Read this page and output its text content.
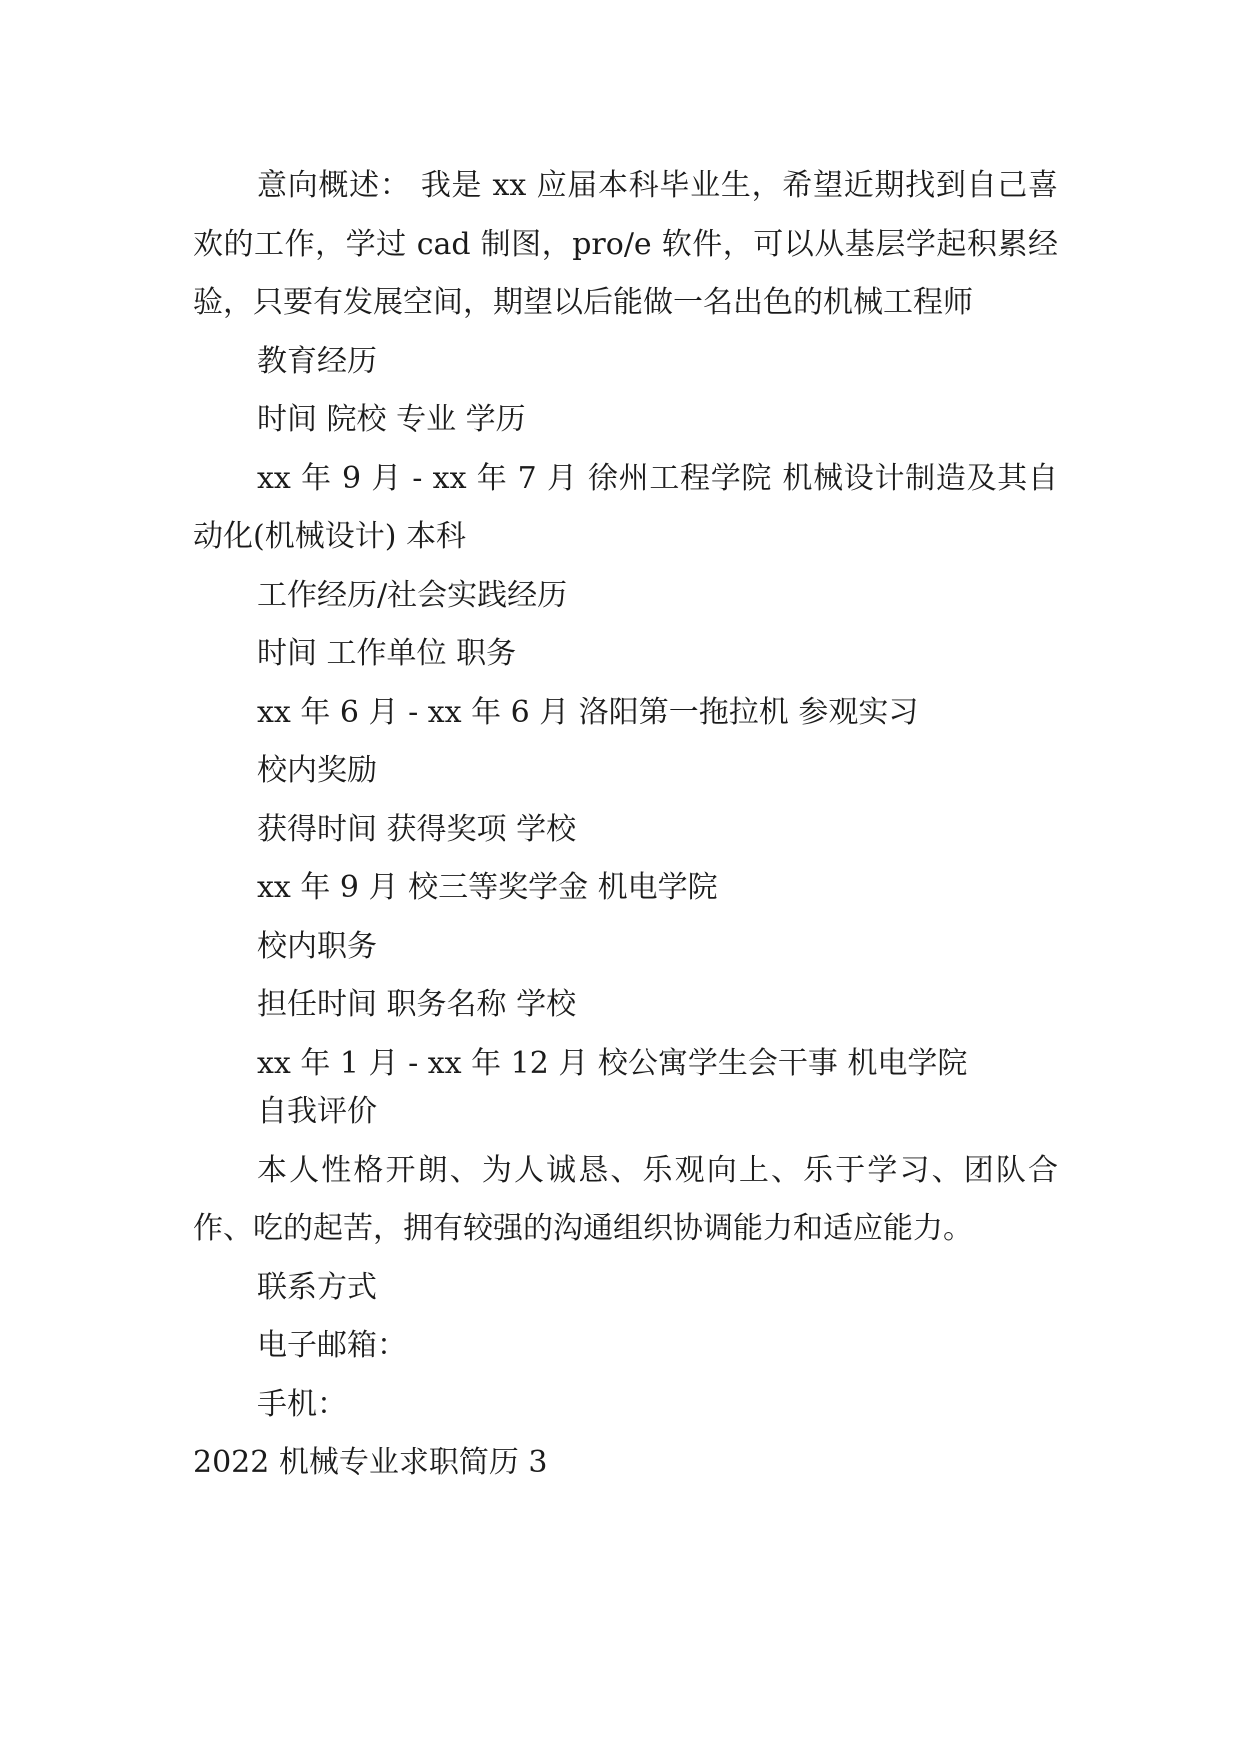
意向概述： 我是 xx 应届本科毕业生，希望近期找到自己喜欢的工作，学过 cad 制图，pro/e 软件，可以从基层学起积累经验，只要有发展空间，期望以后能做一名出色的机械工程师

教育经历

时间 院校 专业 学历

xx 年 9 月 - xx 年 7 月 徐州工程学院 机械设计制造及其自动化(机械设计) 本科

工作经历/社会实践经历

时间 工作单位 职务

xx 年 6 月 - xx 年 6 月 洛阳第一拖拉机 参观实习

校内奖励

获得时间 获得奖项 学校

xx 年 9 月 校三等奖学金 机电学院

校内职务

担任时间 职务名称 学校

xx 年 1 月 - xx 年 12 月 校公寓学生会干事 机电学院

自我评价

本人性格开朗、为人诚恳、乐观向上、乐于学习、团队合作、吃的起苦，拥有较强的沟通组织协调能力和适应能力。

联系方式

电子邮箱：

手机：

2022 机械专业求职简历 3
